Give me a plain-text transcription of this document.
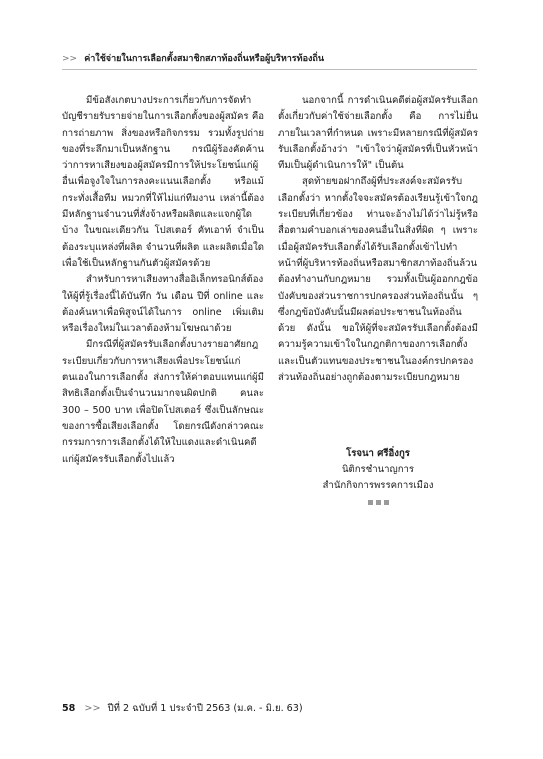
>> ค่าใช้จ่ายในการเลือกตั้งสมาชิกสภาท้องถิ่นหรือผู้บริหารท้องถิ่น

มีข้อสังเกตบางประการเกี่ยวกับการจัดทำบัญชีรายรับรายจ่ายในการเลือกตั้งของผู้สมัคร คือ การถ่ายภาพ สิ่งของหรือกิจกรรม รวมทั้งรูปถ่ายของที่ระลึกมาเป็นหลักฐาน กรณีผู้ร้องคัดค้านว่าการหาเสียงของผู้สมัครมีการให้ประโยชน์แก่ผู้อื่นเพื่อจูงใจในการลงคะแนนเลือกตั้ง หรือแม้กระทั่งเสื้อทีม หมวกที่ให้ไม่แก่ทีมงาน เหล่านี้ต้องมีหลักฐานจำนวนที่สั่งจ้างหรือผลิตและแจกผู้ใดบ้าง ในขณะเดียวกัน โปสเตอร์ คัทเอาท์ จำเป็นต้องระบุแหล่งที่ผลิต จำนวนที่ผลิต และผลิตเมื่อใด เพื่อใช้เป็นหลักฐานกันตัวผู้สมัครด้วย

สำหรับการหาเสียงทางสื่ออิเล็กทรอนิกส์ต้องให้ผู้ที่รู้เรื่องนี้ได้บันทึก วัน เดือน ปีที่ online และต้องค้นหาเพื่อพิสูจน์ได้ในการ online เพิ่มเติมหรือเรื่องใหม่ในเวลาต้องห้ามโฆษณาด้วย

มีกรณีที่ผู้สมัครรับเลือกตั้งบางรายอาศัยกฎระเบียบเกี่ยวกับการหาเสียงเพื่อประโยชน์แก่ตนเองในการเลือกตั้ง ส่งการให้ค่าตอบแทนแก่ผู้มีสิทธิเลือกตั้งเป็นจำนวนมากจนผิดปกติ คนละ 300 – 500 บาท เพื่อปิดโปสเตอร์ ซึ่งเป็นลักษณะของการซื้อเสียงเลือกตั้ง โดยกรณีดังกล่าวคณะกรรมการการเลือกตั้งได้ให้ใบแดงและดำเนินคดีแก่ผู้สมัครรับเลือกตั้งไปแล้ว

นอกจากนี้ การดำเนินคดีต่อผู้สมัครรับเลือกตั้งเกี่ยวกับค่าใช้จ่ายเลือกตั้ง คือ การไม่ยื่นภายในเวลาที่กำหนด เพราะมีหลายกรณีที่ผู้สมัครรับเลือกตั้งอ้างว่า "เข้าใจว่าผู้สมัครที่เป็นหัวหน้าทีมเป็นผู้ดำเนินการให้" เป็นต้น

สุดท้ายขอฝากถึงผู้ที่ประสงค์จะสมัครรับเลือกตั้งว่า หากตั้งใจจะสมัครต้องเรียนรู้เข้าใจกฎระเบียบที่เกี่ยวข้อง ท่านจะอ้างไม่ได้ว่าไม่รู้หรือสื่อตามคำบอกเล่าของคนอื่นในสิ่งที่ผิด ๆ เพราะเมื่อผู้สมัครรับเลือกตั้งได้รับเลือกตั้งเข้าไปทำหน้าที่ผู้บริหารท้องถิ่นหรือสมาชิกสภาท้องถิ่นล้วนต้องทำงานกับกฎหมาย รวมทั้งเป็นผู้ออกกฎข้อบังคับของส่วนราชการปกครองส่วนท้องถิ่นนั้น ๆ ซึ่งกฎข้อบังคับนั้นมีผลต่อประชาชนในท้องถิ่นด้วย ดังนั้น ขอให้ผู้ที่จะสมัครรับเลือกตั้งต้องมีความรู้ความเข้าใจในกฎกติกาของการเลือกตั้งและเป็นตัวแทนของประชาชนในองค์กรปกครองส่วนท้องถิ่นอย่างถูกต้องตามระเบียบกฎหมาย

โรจนา ศรีอิ่งกูร
นิติกรชำนาญการ
สำนักกิจการพรรคการเมือง
58 >> ปีที่ 2 ฉบับที่ 1 ประจำปี 2563 (ม.ค. - มิ.ย. 63)
